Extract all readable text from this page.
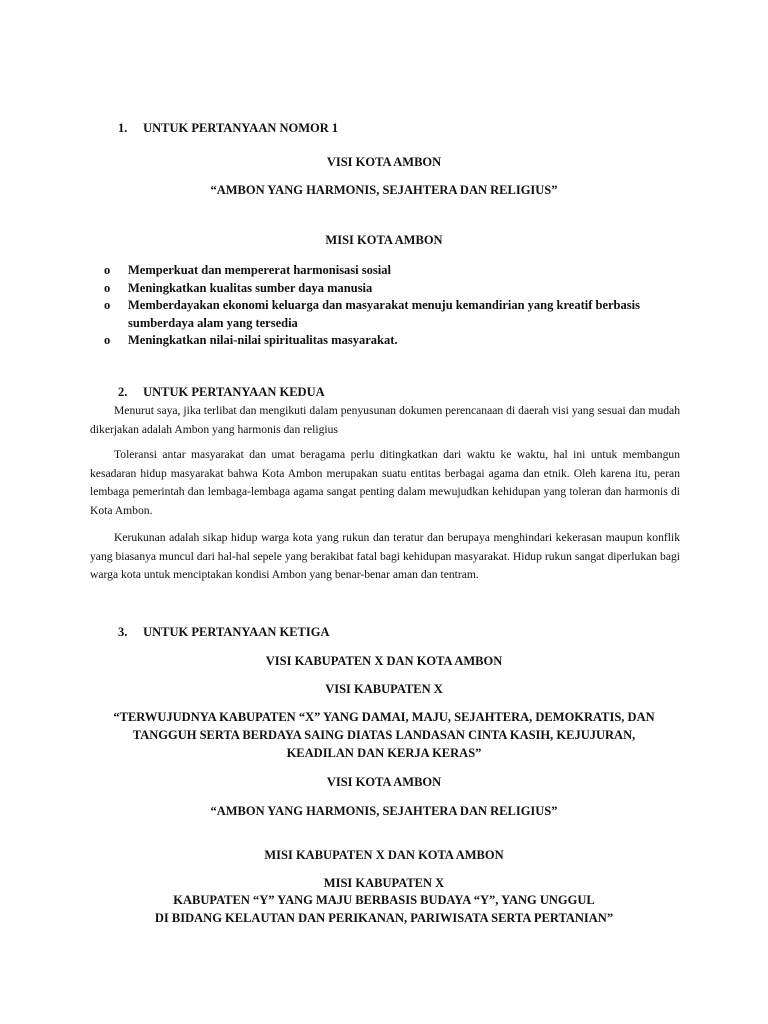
1. UNTUK PERTANYAAN NOMOR 1
VISI KOTA AMBON
“AMBON YANG HARMONIS, SEJAHTERA DAN RELIGIUS”
MISI KOTA AMBON
o Memperkuat dan mempererat harmonisasi sosial
o Meningkatkan kualitas sumber daya manusia
o Memberdayakan ekonomi keluarga dan masyarakat menuju kemandirian yang kreatif berbasis sumberdaya alam yang tersedia
o Meningkatkan nilai-nilai spiritualitas masyarakat.
2. UNTUK PERTANYAAN KEDUA

Menurut saya, jika terlibat dan mengikuti dalam penyusunan dokumen perencanaan di daerah visi yang sesuai dan mudah dikerjakan adalah Ambon yang harmonis dan religius

Toleransi antar masyarakat dan umat beragama perlu ditingkatkan dari waktu ke waktu, hal ini untuk membangun kesadaran hidup masyarakat bahwa Kota Ambon merupakan suatu entitas berbagai agama dan etnik. Oleh karena itu, peran lembaga pemerintah dan lembaga-lembaga agama sangat penting dalam mewujudkan kehidupan yang toleran dan harmonis di Kota Ambon.

Kerukunan adalah sikap hidup warga kota yang rukun dan teratur dan berupaya menghindari kekerasan maupun konflik yang biasanya muncul dari hal-hal sepele yang berakibat fatal bagi kehidupan masyarakat. Hidup rukun sangat diperlukan bagi warga kota untuk menciptakan kondisi Ambon yang benar-benar aman dan tentram.

3. UNTUK PERTANYAAN KETIGA
VISI KABUPATEN X DAN KOTA AMBON
VISI KABUPATEN X
“TERWUJUDNYA KABUPATEN “X” YANG DAMAI, MAJU, SEJAHTERA, DEMOKRATIS, DAN
TANGGUH SERTA BERDAYA SAING DIATAS LANDASAN CINTA KASIH, KEJUJURAN,
KEADILAN DAN KERJA KERAS”
VISI KOTA AMBON
“AMBON YANG HARMONIS, SEJAHTERA DAN RELIGIUS”
MISI KABUPATEN X DAN KOTA AMBON
MISI KABUPATEN X
KABUPATEN “Y” YANG MAJU BERBASIS BUDAYA “Y”, YANG UNGGUL
DI BIDANG KELAUTAN DAN PERIKANAN, PARIWISATA SERTA PERTANIAN”
